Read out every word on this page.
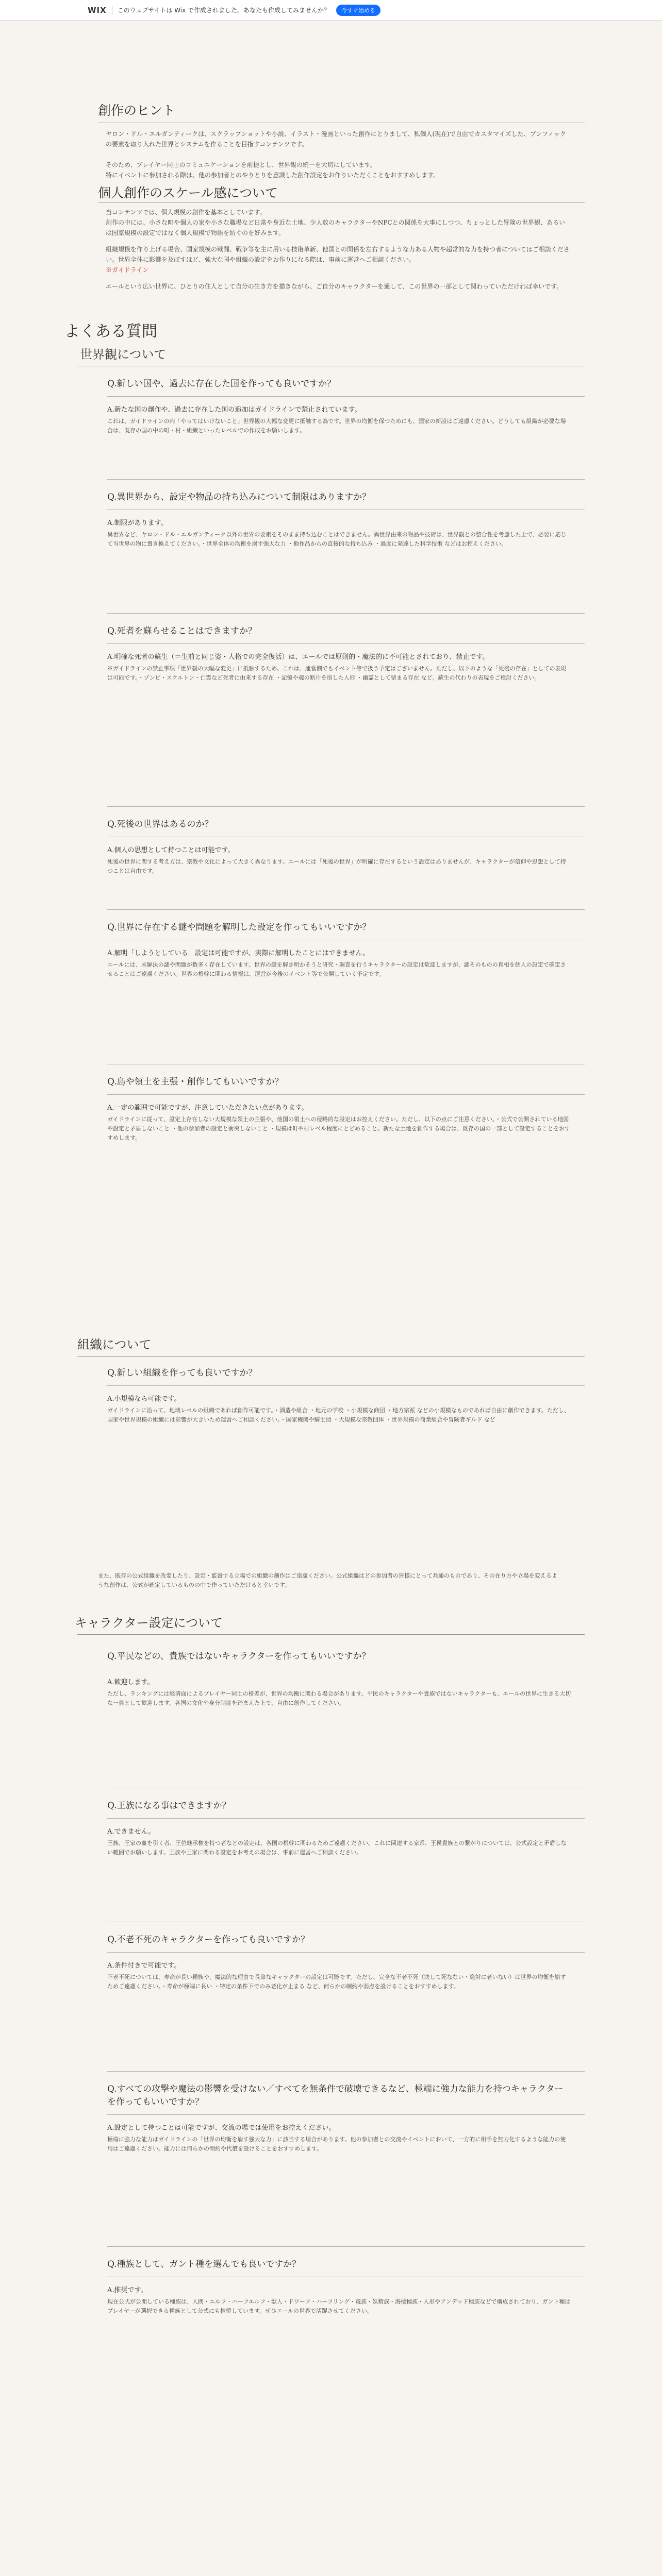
WIX このウェブサイトは Wix で作成されました。あなたも作成してみませんか？	今すぐ始める
創作のヒント

ヤロン・ドル・エルガンティークは、スクラップショットや小説、イラスト・漫画といった創作にとりまして、私個人(現在)で自由でカスタマイズした、ブンフィックの要素を取り入れた世界とシステムを作ることを目指すコンテンツです。

そのため、プレイヤー同士のコミュニケーションを前提とし、世界観の統一を大切にしています。

特にイベントに参加される際は、他の参加者とのやりとりを意識した創作設定をお作りいただくことをおすすめします。

個人創作のスケール感について

当コンテンツでは、個人規模の創作を基本としています。

創作の中には、小さな町や個人の家や小さな職場など日常や身近な土地、少人数のキャラクターやNPCとの関係を大事にしつつ、ちょっとした冒険の世界観、あるいは国家規模の設定ではなく個人規模で物語を紡ぐのを好みます。

組織規模を作り上げる場合、国家規模の戦闘、戦争等を主に用いる技術革新、他国との関係を左右するような力ある人物や超常的な力を持つ者についてはご相談ください。世界全体に影響を及ぼすほど、強大な国や組織の設定をお作りになる際は、事前に運営へご相談ください。

※ガイドライン

エールという広い世界に、ひとりの住人として自分の生き方を描きながら、ご自分のキャラクターを通して、この世界の一部として関わっていただければ幸いです。

よくある質問
世界観について
Q.新しい国や、過去に存在した国を作っても良いですか？

A.新たな国の創作や、過去に存在した国の追加はガイドラインで禁止されています。

これは、ガイドラインの内「やってはいけないこと」世界観の大幅な変更に抵触する為です。世界の均衡を保つためにも、国家の新設はご遠慮ください。どうしても組織が必要な場合は、既存の国の中の町・村・組織といったレベルでの作成をお願いします。

Q.異世界から、設定や物品の持ち込みについて制限はありますか？

A.制限があります。

異世界など、ヤロン・ドル・エルガンティーク以外の世界の要素をそのまま持ち込むことはできません。異世界由来の物品や技術は、世界観との整合性を考慮した上で、必要に応じて当世界の物に置き換えてください。・世界全体の均衡を崩す強大な力 ・他作品からの直接的な持ち込み ・過度に発達した科学技術 などはお控えください。

Q.死者を蘇らせることはできますか？

A.明確な死者の蘇生（＝生前と同じ姿・人格での完全復活）は、エールでは原則的・魔法的に不可能とされており、禁止です。

※ガイドラインの禁止事項「世界観の大幅な変更」に抵触するため。これは、運営側でもイベント等で扱う予定はございません。ただし、以下のような「死後の存在」としての表現は可能です。・ゾンビ・スケルトン・亡霊など死者に由来する存在 ・記憶や魂の断片を宿した人形 ・幽霊として留まる存在 など。蘇生の代わりの表現をご検討ください。

Q.死後の世界はあるのか？

A.個人の思想として持つことは可能です。

死後の世界に関する考え方は、宗教や文化によって大きく異なります。エールには「死後の世界」が明確に存在するという設定はありませんが、キャラクターが信仰や思想として持つことは自由です。

Q.世界に存在する謎や問題を解明した設定を作ってもいいですか？

A.解明「しようとしている」設定は可能ですが、実際に解明したことにはできません。

エールには、未解決の謎や問題が数多く存在しています。世界の謎を解き明かそうと研究・調査を行うキャラクターの設定は歓迎しますが、謎そのものの真相を個人の設定で確定させることはご遠慮ください。世界の根幹に関わる情報は、運営が今後のイベント等で公開していく予定です。

Q.島や領土を主張・創作してもいいですか？

A.一定の範囲で可能ですが、注意していただきたい点があります。

ガイドラインに従って、設定上存在しない大規模な領土の主張や、他国の領土への侵略的な設定はお控えください。ただし、以下の点にご注意ください。・公式で公開されている地図や設定と矛盾しないこと ・他の参加者の設定と衝突しないこと ・規模は町や村レベル程度にとどめること。新たな土地を創作する場合は、既存の国の一部として設定することをおすすめします。

組織について
Q.新しい組織を作っても良いですか？

A.小規模なら可能です。

ガイドラインに沿って、地域レベルの組織であれば創作可能です。・酒造や組合 ・地元の学校 ・小規模な商団 ・地方宗派 などの小規模なものであれば自由に創作できます。ただし、国家や世界規模の組織には影響が大きいため運営へご相談ください。・国家機関や騎士団 ・大規模な宗教団体 ・世界規模の商業組合や冒険者ギルド など

また、既存の公式組織を改変したり、設定・監督する立場での組織の創作はご遠慮ください。公式組織はどの参加者の皆様にとって共通のものであり、その在り方や立場を変えるような創作は、公式が確定しているものの中で作っていただけると幸いです。

キャラクター設定について
Q.平民などの、貴族ではないキャラクターを作ってもいいですか？

A.歓迎します。

ただし、ランキングには経済面によるプレイヤー同士の格差が、世界の均衡に関わる場合があります。平民のキャラクターや貴族ではないキャラクターも、エールの世界に生きる大切な一員として歓迎します。各国の文化や身分制度を踏まえた上で、自由に創作してください。

Q.王族になる事はできますか？

A.できません。

王族、王家の血を引く者、王位継承権を持つ者などの設定は、各国の根幹に関わるためご遠慮ください。これに関連する家系、王侯貴族との繋がりについては、公式設定と矛盾しない範囲でお願いします。王族や王家に関わる設定をお考えの場合は、事前に運営へご相談ください。

Q.不老不死のキャラクターを作っても良いですか？

A.条件付きで可能です。

不老不死については、寿命が長い種族や、魔法的な理由で長命なキャラクターの設定は可能です。ただし、完全な不老不死（決して死なない・絶対に老いない）は世界の均衡を崩すためご遠慮ください。・寿命が極端に長い ・特定の条件下でのみ老化が止まる など、何らかの制約や弱点を設けることをおすすめします。

Q.すべての攻撃や魔法の影響を受けない／すべてを無条件で破壊できるなど、極端に強力な能力を持つキャラクターを作ってもいいですか？

A.設定として持つことは可能ですが、交流の場では使用をお控えください。

極端に強力な能力はガイドラインの「世界の均衡を崩す強大な力」に該当する場合があります。他の参加者との交流やイベントにおいて、一方的に相手を無力化するような能力の使用はご遠慮ください。能力には何らかの制約や代償を設けることをおすすめします。

Q.種族として、ガント種を選んでも良いですか？

A.推奨です。

現在公式が公開している種族は、人間・エルフ・ハーフエルフ・獣人・ドワーフ・ハーフリング・竜族・妖精族・海棲種族・人形やアンデッド種族などで構成されており、ガント種はプレイヤーが選択できる種族として公式にも推奨しています。ぜひエールの世界で活躍させてください。
